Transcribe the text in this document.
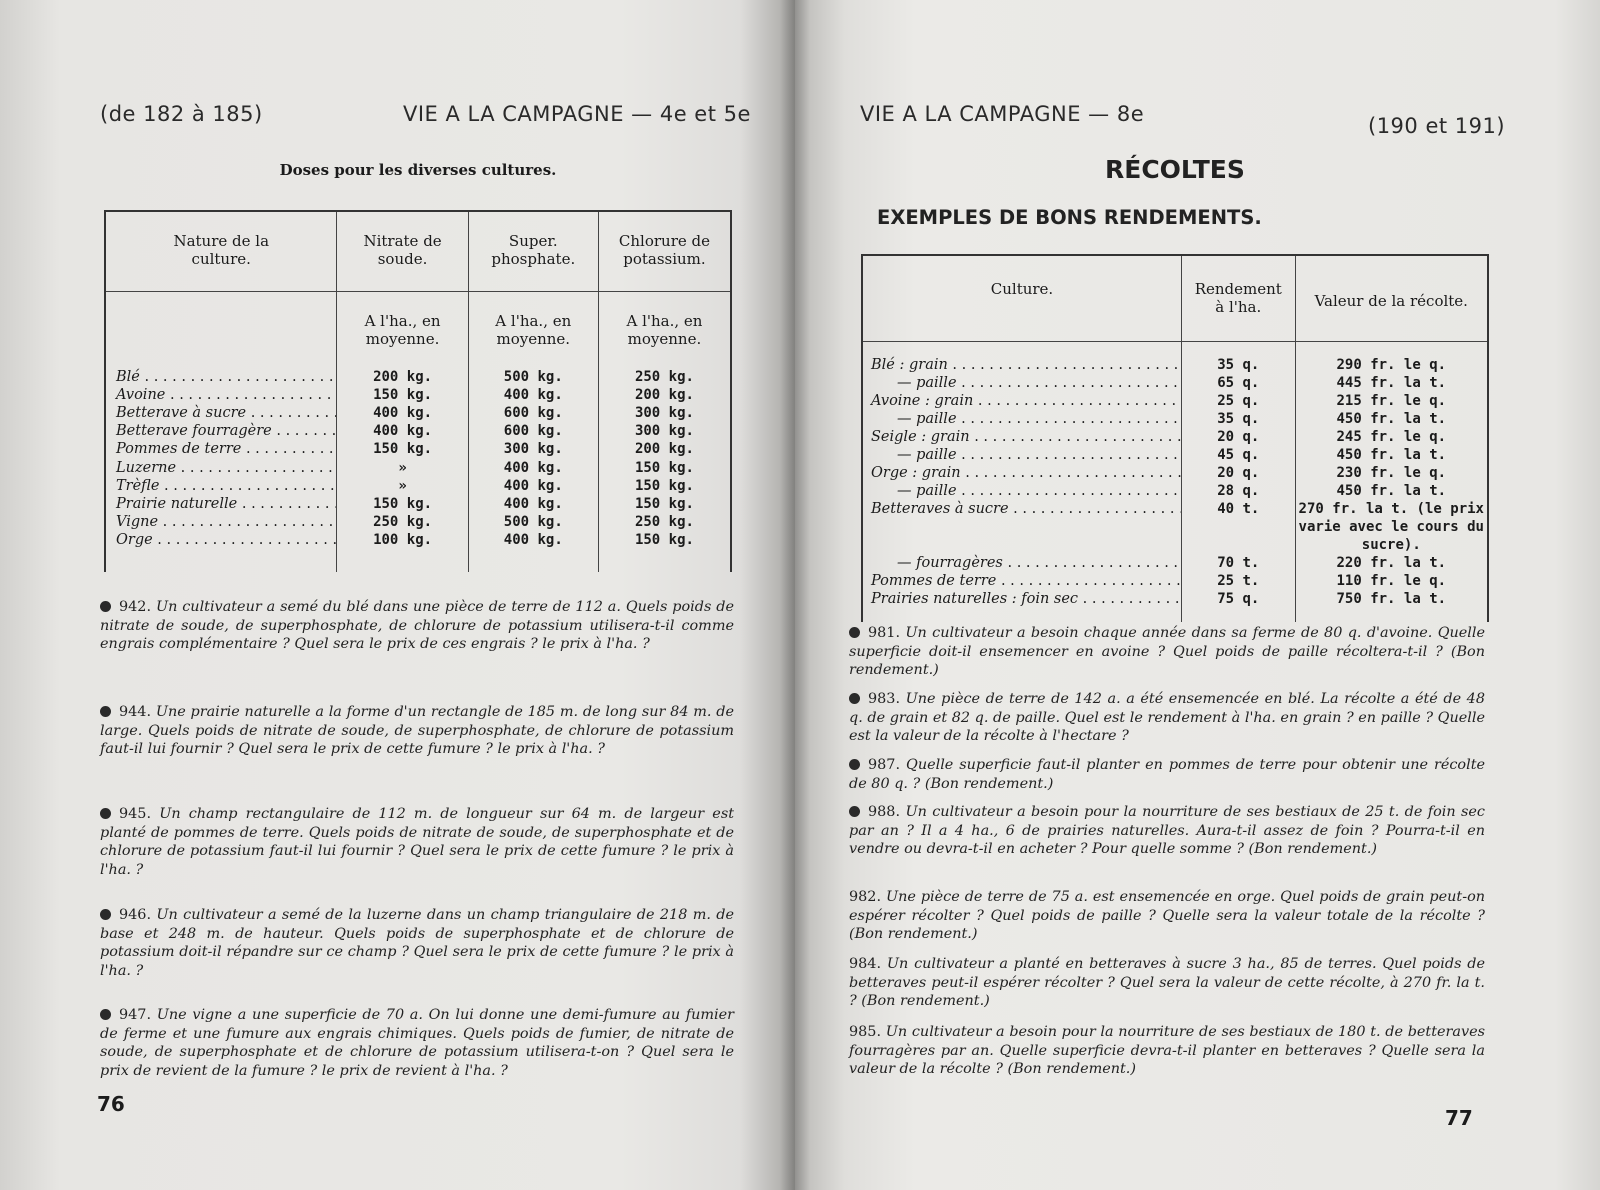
(de 182 à 185)	VIE A LA CAMPAGNE — 4e et 5e
Doses pour les diverses cultures.
Nature de la culture.	Nitrate de soude.	Super. phosphate.	Chlorure de potassium.
	A l'ha., en moyenne.	A l'ha., en moyenne.	A l'ha., en moyenne.
Blé . . .	200 kg.	500 kg.	250 kg.
Avoine . . .	150 kg.	400 kg.	200 kg.
Betterave à sucre . . .	400 kg.	600 kg.	300 kg.
Betterave fourragère . . .	400 kg.	600 kg.	300 kg.
Pommes de terre . . .	150 kg.	300 kg.	200 kg.
Luzerne . . .	»	400 kg.	150 kg.
Trèfle . . .	»	400 kg.	150 kg.
Prairie naturelle . . .	150 kg.	400 kg.	150 kg.
Vigne . . .	250 kg.	500 kg.	250 kg.
Orge . . .	100 kg.	400 kg.	150 kg.

942. Un cultivateur a semé du blé dans une pièce de terre de 112 a. Quels poids de nitrate de soude, de superphosphate, de chlorure de potassium utilisera-t-il comme engrais complémentaire ? Quel sera le prix de ces engrais ? le prix à l'ha. ?
944. Une prairie naturelle a la forme d'un rectangle de 185 m. de long sur 84 m. de large. Quels poids de nitrate de soude, de superphosphate, de chlorure de potassium faut-il lui fournir ? Quel sera le prix de cette fumure ? le prix à l'ha. ?
945. Un champ rectangulaire de 112 m. de longueur sur 64 m. de largeur est planté de pommes de terre. Quels poids de nitrate de soude, de superphosphate et de chlorure de potassium faut-il lui fournir ? Quel sera le prix de cette fumure ? le prix à l'ha. ?
946. Un cultivateur a semé de la luzerne dans un champ triangulaire de 218 m. de base et 248 m. de hauteur. Quels poids de superphosphate et de chlorure de potassium doit-il répandre sur ce champ ? Quel sera le prix de cette fumure ? le prix à l'ha. ?
947. Une vigne a une superficie de 70 a. On lui donne une demi-fumure au fumier de ferme et une fumure aux engrais chimiques. Quels poids de fumier, de nitrate de soude, de superphosphate et de chlorure de potassium utilisera-t-on ? Quel sera le prix de revient de la fumure ? le prix de revient à l'ha. ?
76
VIE A LA CAMPAGNE — 8e	(190 et 191)
RÉCOLTES
EXEMPLES DE BONS RENDEMENTS.
Culture.	Rendement à l'ha.	Valeur de la récolte.

Blé : grain . . .	35 q.	290 fr. le q.
— paille . . .	65 q.	445 fr. la t.
Avoine : grain . . .	25 q.	215 fr. le q.
— paille . . .	35 q.	450 fr. la t.
Seigle : grain . . .	20 q.	245 fr. le q.
— paille . . .	45 q.	450 fr. la t.
Orge : grain . . .	20 q.	230 fr. le q.
— paille . . .	28 q.	450 fr. la t.
Betteraves à sucre . . .	40 t.	270 fr. la t. (le prix varie avec le cours du sucre).
— fourragères . . .	70 t.	220 fr. la t.
Pommes de terre . . .	25 t.	110 fr. le q.
Prairies naturelles : foin sec . . .	75 q.	750 fr. la t.

981. Un cultivateur a besoin chaque année dans sa ferme de 80 q. d'avoine. Quelle superficie doit-il ensemencer en avoine ? Quel poids de paille récoltera-t-il ? (Bon rendement.)
983. Une pièce de terre de 142 a. a été ensemencée en blé. La récolte a été de 48 q. de grain et 82 q. de paille. Quel est le rendement à l'ha. en grain ? en paille ? Quelle est la valeur de la récolte à l'hectare ?
987. Quelle superficie faut-il planter en pommes de terre pour obtenir une récolte de 80 q. ? (Bon rendement.)
988. Un cultivateur a besoin pour la nourriture de ses bestiaux de 25 t. de foin sec par an ? Il a 4 ha., 6 de prairies naturelles. Aura-t-il assez de foin ? Pourra-t-il en vendre ou devra-t-il en acheter ? Pour quelle somme ? (Bon rendement.)
982. Une pièce de terre de 75 a. est ensemencée en orge. Quel poids de grain peut-on espérer récolter ? Quel poids de paille ? Quelle sera la valeur totale de la récolte ? (Bon rendement.)
984. Un cultivateur a planté en betteraves à sucre 3 ha., 85 de terres. Quel poids de betteraves peut-il espérer récolter ? Quel sera la valeur de cette récolte, à 270 fr. la t. ? (Bon rendement.)
985. Un cultivateur a besoin pour la nourriture de ses bestiaux de 180 t. de betteraves fourragères par an. Quelle superficie devra-t-il planter en betteraves ? Quelle sera la valeur de la récolte ? (Bon rendement.)
77
